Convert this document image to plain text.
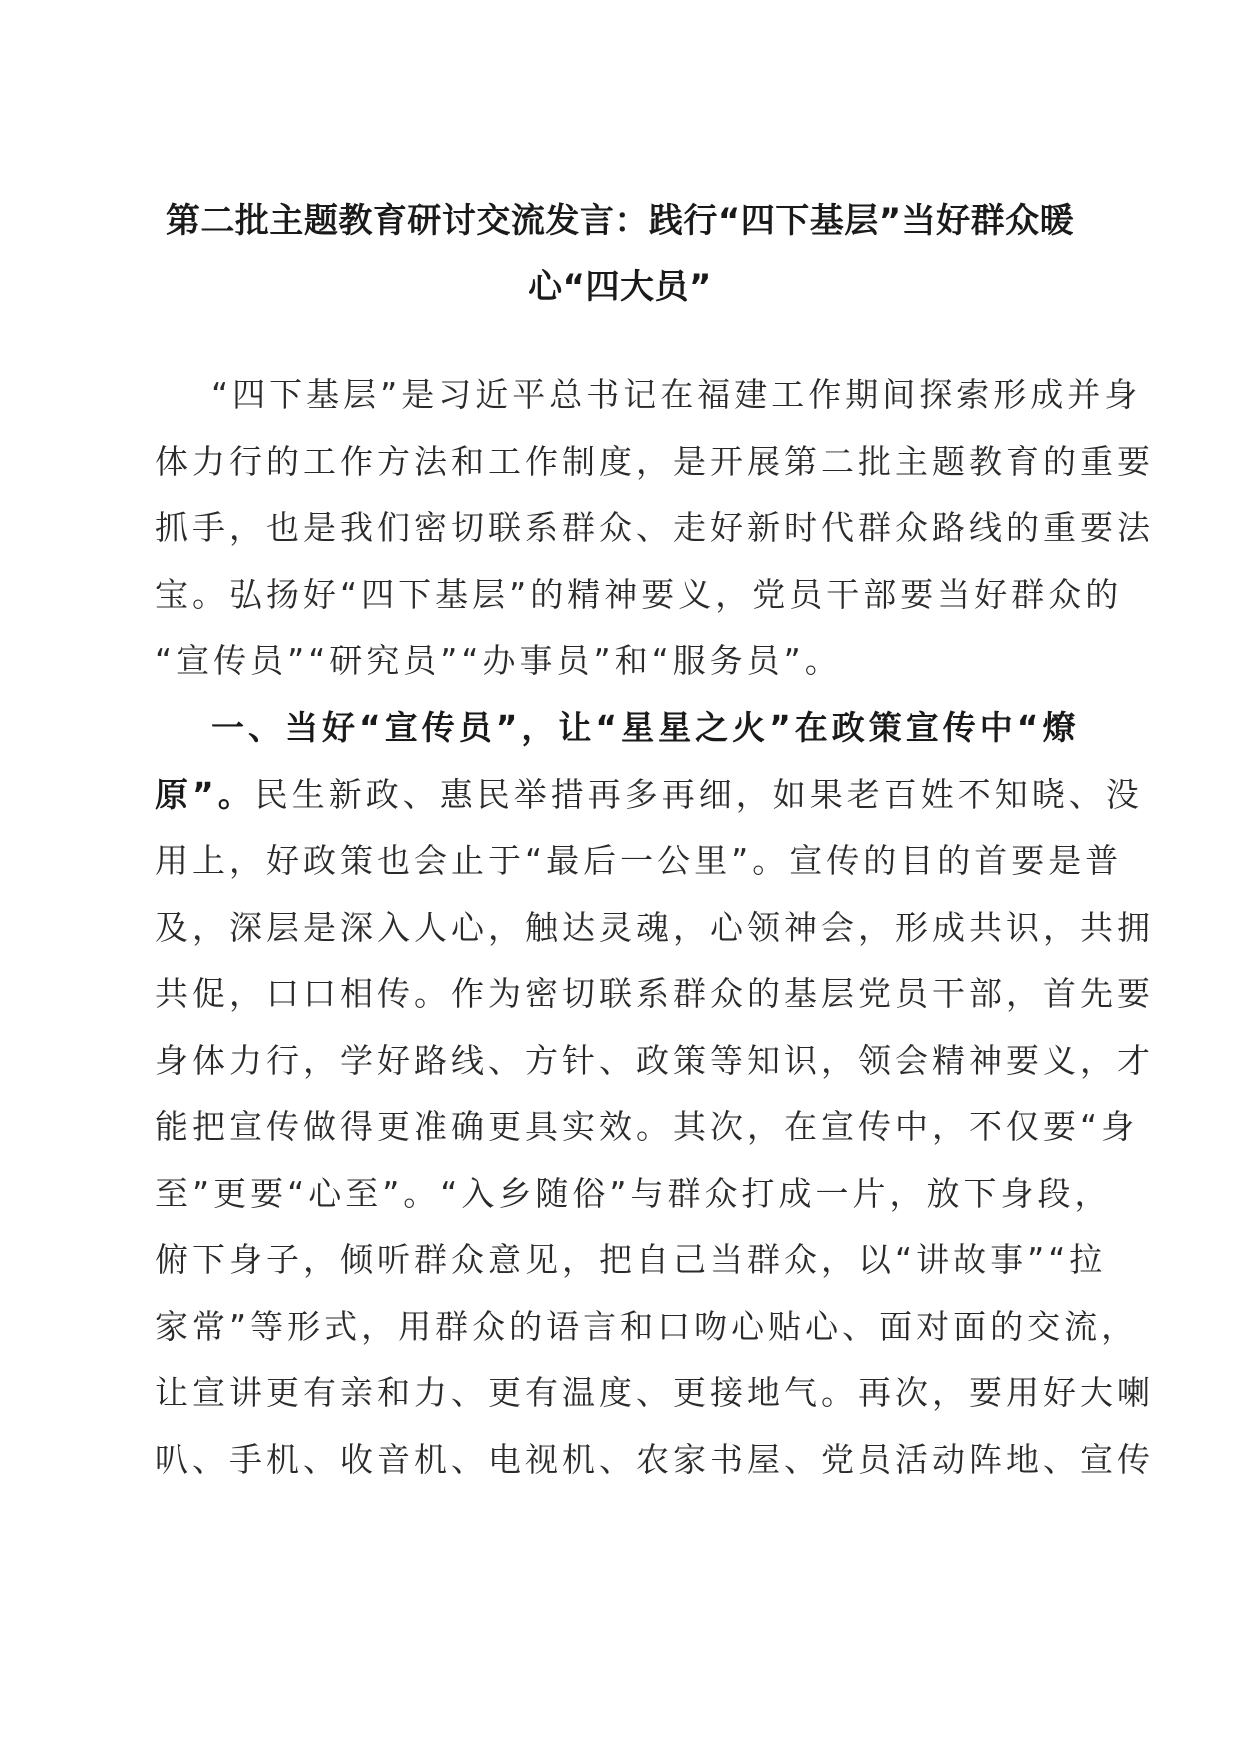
第二批主题教育研讨交流发言：践行“四下基层”当好群众暖
心“四大员”
“四下基层”是习近平总书记在福建工作期间探索形成并身
体力行的工作方法和工作制度，是开展第二批主题教育的重要
抓手，也是我们密切联系群众、走好新时代群众路线的重要法
宝。弘扬好“四下基层”的精神要义，党员干部要当好群众的
“宣传员”“研究员”“办事员”和“服务员”。
一、当好“宣传员”，让“星星之火”在政策宣传中“燎
原”。民生新政、惠民举措再多再细，如果老百姓不知晓、没
用上，好政策也会止于“最后一公里”。宣传的目的首要是普
及，深层是深入人心，触达灵魂，心领神会，形成共识，共拥
共促，口口相传。作为密切联系群众的基层党员干部，首先要
身体力行，学好路线、方针、政策等知识，领会精神要义，才
能把宣传做得更准确更具实效。其次，在宣传中，不仅要“身
至”更要“心至”。“入乡随俗”与群众打成一片，放下身段，
俯下身子，倾听群众意见，把自己当群众，以“讲故事”“拉
家常”等形式，用群众的语言和口吻心贴心、面对面的交流，
让宣讲更有亲和力、更有温度、更接地气。再次，要用好大喇
叭、手机、收音机、电视机、农家书屋、党员活动阵地、宣传
